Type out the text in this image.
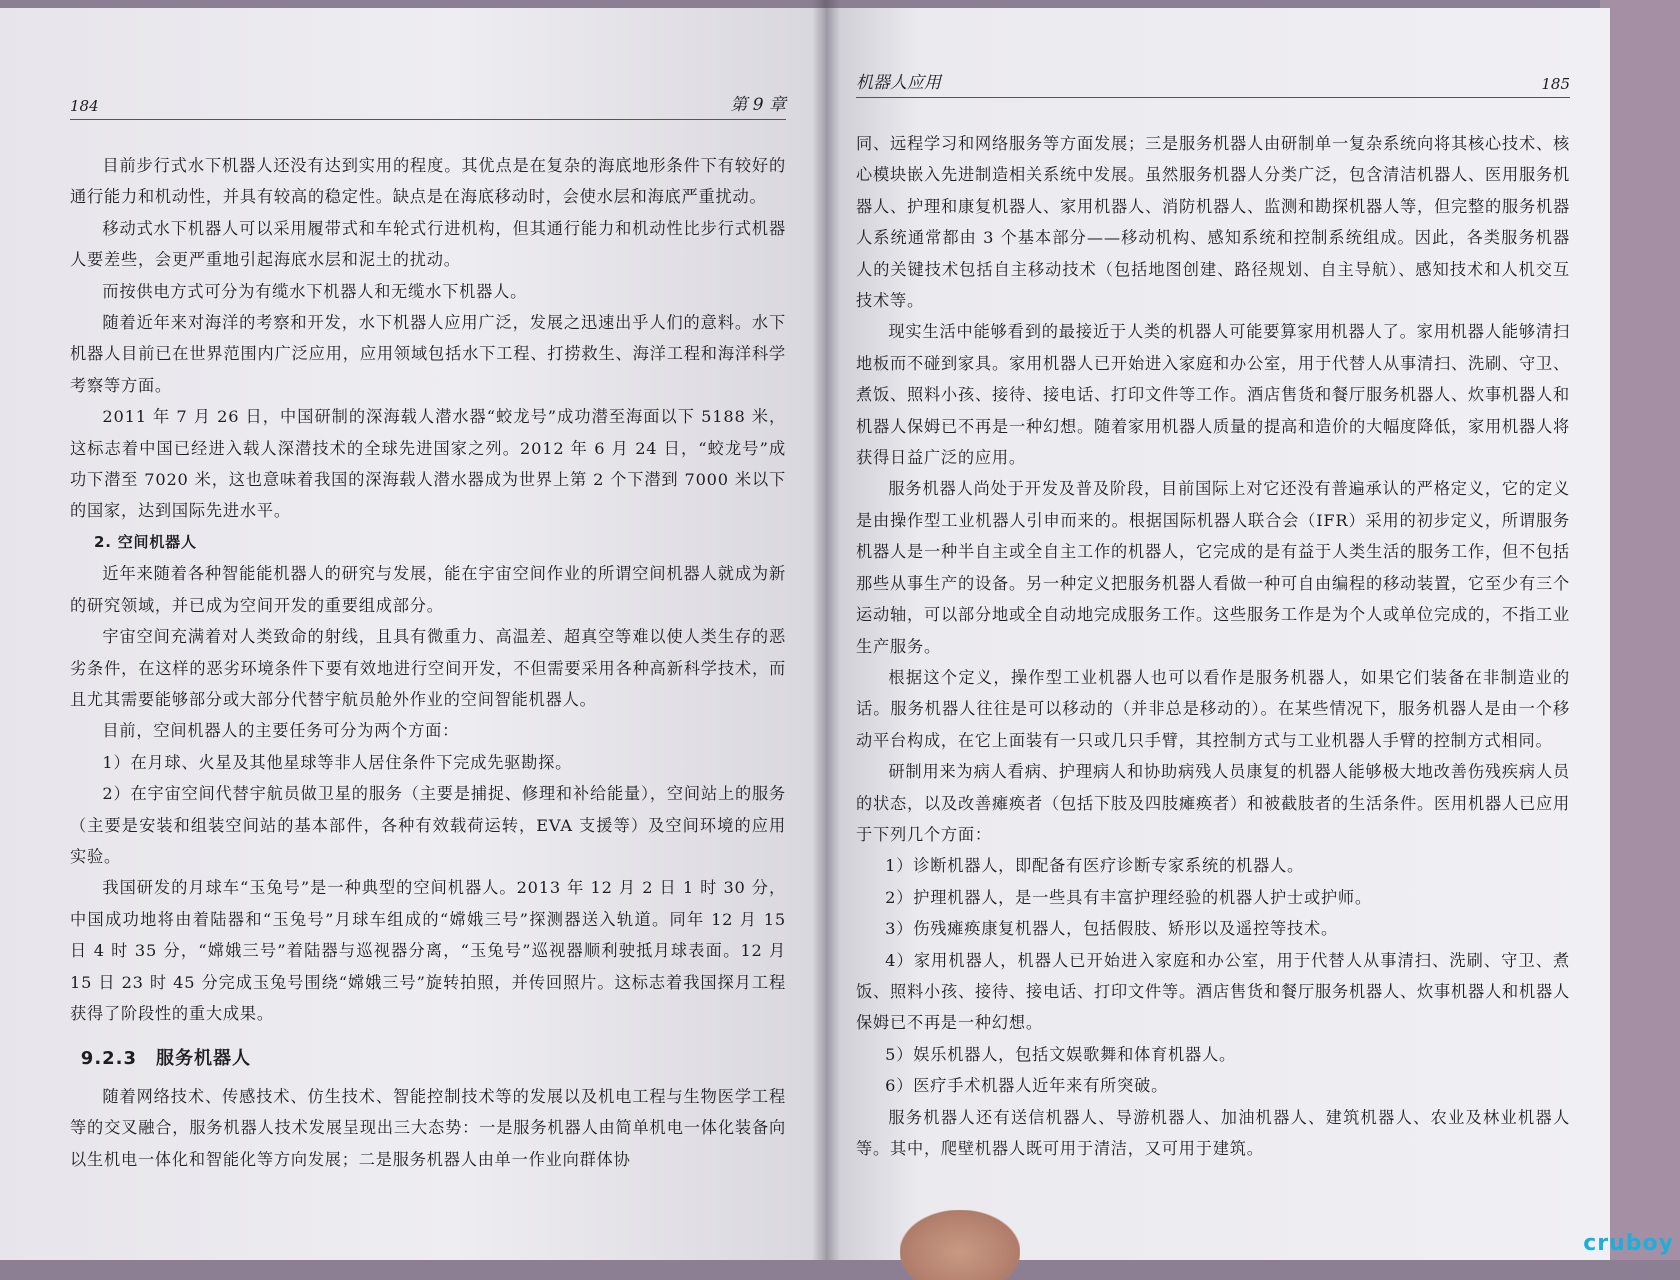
184	第 9 章

目前步行式水下机器人还没有达到实用的程度。其优点是在复杂的海底地形条件下有较好的通行能力和机动性，并具有较高的稳定性。缺点是在海底移动时，会使水层和海底严重扰动。

移动式水下机器人可以采用履带式和车轮式行进机构，但其通行能力和机动性比步行式机器人要差些，会更严重地引起海底水层和泥土的扰动。

而按供电方式可分为有缆水下机器人和无缆水下机器人。

随着近年来对海洋的考察和开发，水下机器人应用广泛，发展之迅速出乎人们的意料。水下机器人目前已在世界范围内广泛应用，应用领域包括水下工程、打捞救生、海洋工程和海洋科学考察等方面。

2011 年 7 月 26 日，中国研制的深海载人潜水器“蛟龙号”成功潜至海面以下 5188 米，这标志着中国已经进入载人深潜技术的全球先进国家之列。2012 年 6 月 24 日，“蛟龙号”成功下潜至 7020 米，这也意味着我国的深海载人潜水器成为世界上第 2 个下潜到 7000 米以下的国家，达到国际先进水平。

2. 空间机器人

近年来随着各种智能能机器人的研究与发展，能在宇宙空间作业的所谓空间机器人就成为新的研究领域，并已成为空间开发的重要组成部分。

宇宙空间充满着对人类致命的射线，且具有微重力、高温差、超真空等难以使人类生存的恶劣条件，在这样的恶劣环境条件下要有效地进行空间开发，不但需要采用各种高新科学技术，而且尤其需要能够部分或大部分代替宇航员舱外作业的空间智能机器人。

目前，空间机器人的主要任务可分为两个方面：

1）在月球、火星及其他星球等非人居住条件下完成先驱勘探。

2）在宇宙空间代替宇航员做卫星的服务（主要是捕捉、修理和补给能量），空间站上的服务（主要是安装和组装空间站的基本部件，各种有效载荷运转，EVA 支援等）及空间环境的应用实验。

我国研发的月球车“玉兔号”是一种典型的空间机器人。2013 年 12 月 2 日 1 时 30 分，中国成功地将由着陆器和“玉兔号”月球车组成的“嫦娥三号”探测器送入轨道。同年 12 月 15 日 4 时 35 分，“嫦娥三号”着陆器与巡视器分离，“玉兔号”巡视器顺利驶抵月球表面。12 月 15 日 23 时 45 分完成玉兔号围绕“嫦娥三号”旋转拍照，并传回照片。这标志着我国探月工程获得了阶段性的重大成果。

9.2.3　服务机器人

随着网络技术、传感技术、仿生技术、智能控制技术等的发展以及机电工程与生物医学工程等的交叉融合，服务机器人技术发展呈现出三大态势：一是服务机器人由简单机电一体化装备向以生机电一体化和智能化等方向发展；二是服务机器人由单一作业向群体协

机器人应用	185

同、远程学习和网络服务等方面发展；三是服务机器人由研制单一复杂系统向将其核心技术、核心模块嵌入先进制造相关系统中发展。虽然服务机器人分类广泛，包含清洁机器人、医用服务机器人、护理和康复机器人、家用机器人、消防机器人、监测和勘探机器人等，但完整的服务机器人系统通常都由 3 个基本部分——移动机构、感知系统和控制系统组成。因此，各类服务机器人的关键技术包括自主移动技术（包括地图创建、路径规划、自主导航）、感知技术和人机交互技术等。

现实生活中能够看到的最接近于人类的机器人可能要算家用机器人了。家用机器人能够清扫地板而不碰到家具。家用机器人已开始进入家庭和办公室，用于代替人从事清扫、洗刷、守卫、煮饭、照料小孩、接待、接电话、打印文件等工作。酒店售货和餐厅服务机器人、炊事机器人和机器人保姆已不再是一种幻想。随着家用机器人质量的提高和造价的大幅度降低，家用机器人将获得日益广泛的应用。

服务机器人尚处于开发及普及阶段，目前国际上对它还没有普遍承认的严格定义，它的定义是由操作型工业机器人引申而来的。根据国际机器人联合会（IFR）采用的初步定义，所谓服务机器人是一种半自主或全自主工作的机器人，它完成的是有益于人类生活的服务工作，但不包括那些从事生产的设备。另一种定义把服务机器人看做一种可自由编程的移动装置，它至少有三个运动轴，可以部分地或全自动地完成服务工作。这些服务工作是为个人或单位完成的，不指工业生产服务。

根据这个定义，操作型工业机器人也可以看作是服务机器人，如果它们装备在非制造业的话。服务机器人往往是可以移动的（并非总是移动的）。在某些情况下，服务机器人是由一个移动平台构成，在它上面装有一只或几只手臂，其控制方式与工业机器人手臂的控制方式相同。

研制用来为病人看病、护理病人和协助病残人员康复的机器人能够极大地改善伤残疾病人员的状态，以及改善瘫痪者（包括下肢及四肢瘫痪者）和被截肢者的生活条件。医用机器人已应用于下列几个方面：

1）诊断机器人，即配备有医疗诊断专家系统的机器人。

2）护理机器人，是一些具有丰富护理经验的机器人护士或护师。

3）伤残瘫痪康复机器人，包括假肢、矫形以及遥控等技术。

4）家用机器人，机器人已开始进入家庭和办公室，用于代替人从事清扫、洗刷、守卫、煮饭、照料小孩、接待、接电话、打印文件等。酒店售货和餐厅服务机器人、炊事机器人和机器人保姆已不再是一种幻想。

5）娱乐机器人，包括文娱歌舞和体育机器人。

6）医疗手术机器人近年来有所突破。

服务机器人还有送信机器人、导游机器人、加油机器人、建筑机器人、农业及林业机器人等。其中，爬壁机器人既可用于清洁，又可用于建筑。

cruboy
